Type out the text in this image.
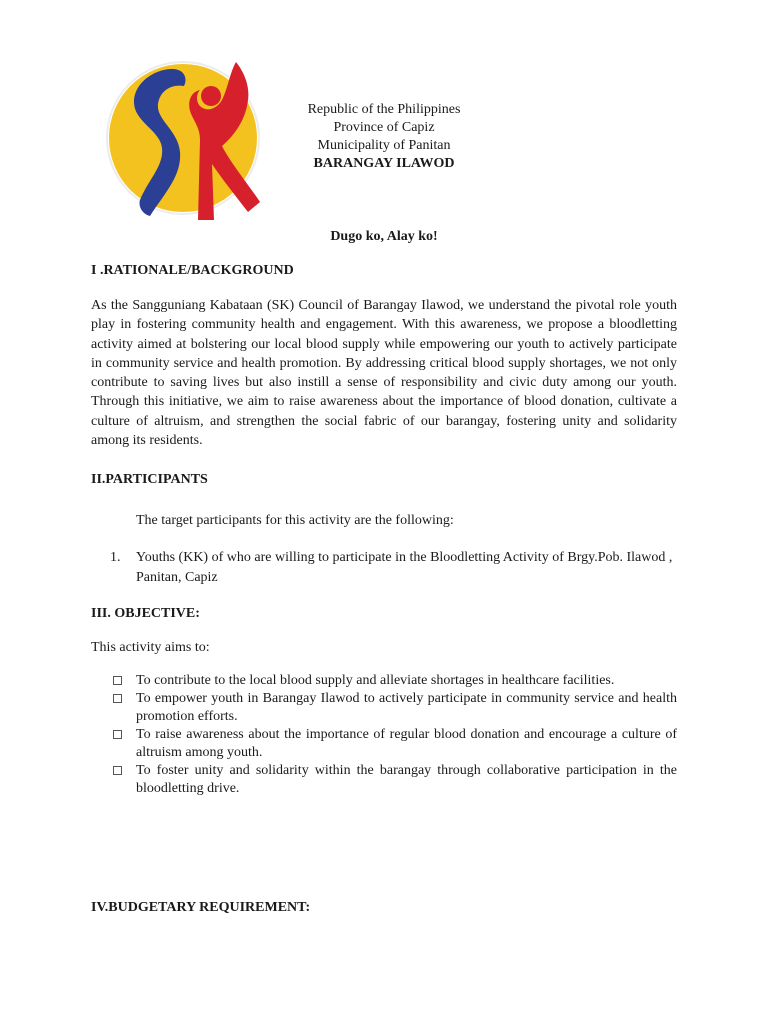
Republic of the Philippines
Province of Capiz
Municipality of Panitan
BARANGAY ILAWOD
Dugo ko, Alay ko!
I .RATIONALE/BACKGROUND
As the Sangguniang Kabataan (SK) Council of Barangay Ilawod, we understand the pivotal role youth play in fostering community health and engagement. With this awareness, we propose a bloodletting activity aimed at bolstering our local blood supply while empowering our youth to actively participate in community service and health promotion. By addressing critical blood supply shortages, we not only contribute to saving lives but also instill a sense of responsibility and civic duty among our youth. Through this initiative, we aim to raise awareness about the importance of blood donation, cultivate a culture of altruism, and strengthen the social fabric of our barangay, fostering unity and solidarity among its residents.
II.PARTICIPANTS
The target participants for this activity are the following:
1. Youths (KK) of who are willing to participate in the Bloodletting Activity of Brgy.Pob. Ilawod , Panitan, Capiz
III. OBJECTIVE:
This activity aims to:
To contribute to the local blood supply and alleviate shortages in healthcare facilities.
To empower youth in Barangay Ilawod to actively participate in community service and health promotion efforts.
To raise awareness about the importance of regular blood donation and encourage a culture of altruism among youth.
To foster unity and solidarity within the barangay through collaborative participation in the bloodletting drive.
IV.BUDGETARY REQUIREMENT:
